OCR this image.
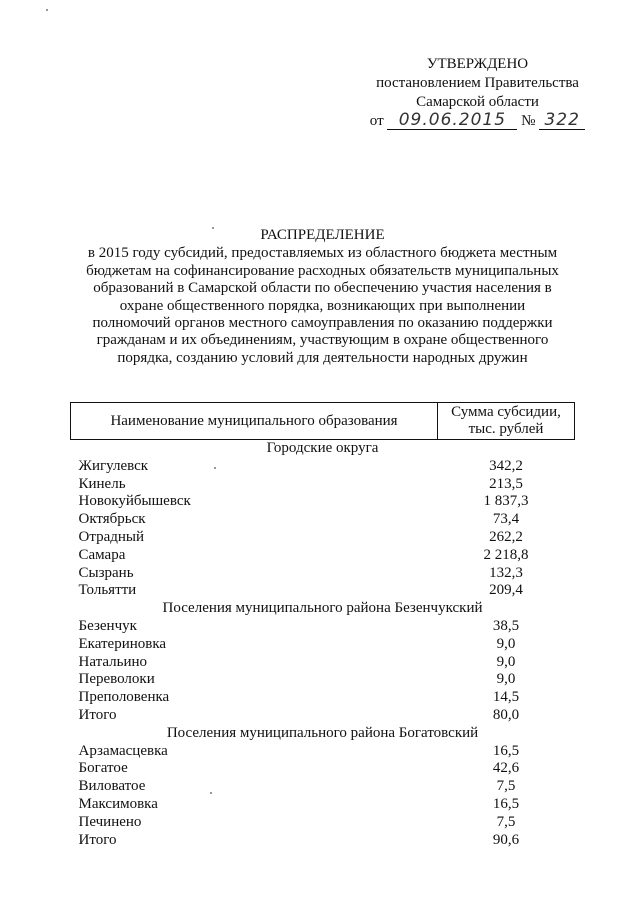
УТВЕРЖДЕНО
постановлением Правительства
Самарской области
от 09.06.2015 № 322
РАСПРЕДЕЛЕНИЕ
в 2015 году субсидий, предоставляемых из областного бюджета местным
бюджетам на софинансирование расходных обязательств муниципальных
образований в Самарской области по обеспечению участия населения в
охране общественного порядка, возникающих при выполнении
полномочий органов местного самоуправления по оказанию поддержки
гражданам и их объединениям, участвующим в охране общественного
порядка, созданию условий для деятельности народных дружин
Наименование муниципального образования	Сумма субсидии,
тыс. рублей

Городские округа	
Жигулевск	342,2
Кинель	213,5
Новокуйбышевск	1 837,3
Октябрьск	73,4
Отрадный	262,2
Самара	2 218,8
Сызрань	132,3
Тольятти	209,4
Поселения муниципального района Безенчукский	
Безенчук	38,5
Екатериновка	9,0
Натальино	9,0
Переволоки	9,0
Преполовенка	14,5
Итого	80,0
Поселения муниципального района Богатовский	
Арзамасцевка	16,5
Богатое	42,6
Виловатое	7,5
Максимовка	16,5
Печинено	7,5
Итого	90,6
